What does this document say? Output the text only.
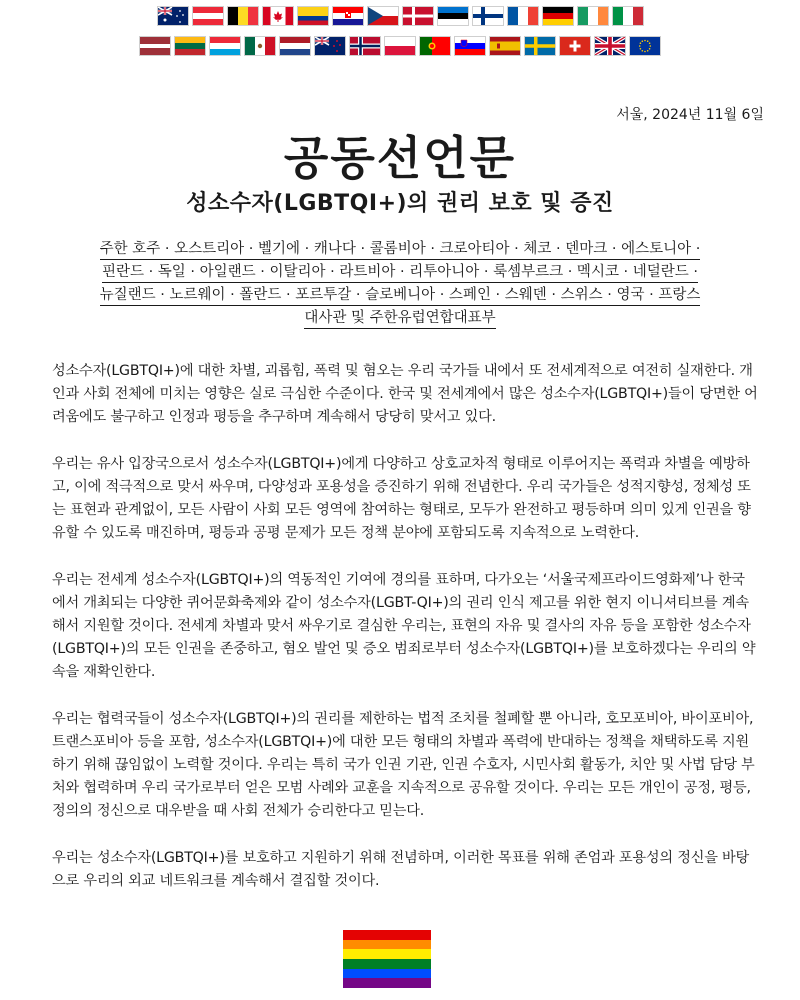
서울, 2024년 11월 6일
공동선언문
성소수자(LGBTQI+)의 권리 보호 및 증진
주한 호주 · 오스트리아 · 벨기에 · 캐나다 · 콜롬비아 · 크로아티아 · 체코 · 덴마크 · 에스토니아 ·
핀란드 · 독일 · 아일랜드 · 이탈리아 · 라트비아 · 리투아니아 · 룩셈부르크 · 멕시코 · 네덜란드 ·
뉴질랜드 · 노르웨이 · 폴란드 · 포르투갈 · 슬로베니아 · 스페인 · 스웨덴 · 스위스 · 영국 · 프랑스
대사관 및 주한유럽연합대표부

성소수자(LGBTQI+)에 대한 차별, 괴롭힘, 폭력 및 혐오는 우리 국가들 내에서 또 전세계적으로 여전히 실재한다. 개인과 사회 전체에 미치는 영향은 실로 극심한 수준이다. 한국 및 전세계에서 많은 성소수자(LGBTQI+)들이 당면한 어려움에도 불구하고 인정과 평등을 추구하며 계속해서 당당히 맞서고 있다.

우리는 유사 입장국으로서 성소수자(LGBTQI+)에게 다양하고 상호교차적 형태로 이루어지는 폭력과 차별을 예방하고, 이에 적극적으로 맞서 싸우며, 다양성과 포용성을 증진하기 위해 전념한다. 우리 국가들은 성적지향성, 정체성 또는 표현과 관계없이, 모든 사람이 사회 모든 영역에 참여하는 형태로, 모두가 완전하고 평등하며 의미 있게 인권을 향유할 수 있도록 매진하며, 평등과 공평 문제가 모든 정책 분야에 포함되도록 지속적으로 노력한다.

우리는 전세계 성소수자(LGBTQI+)의 역동적인 기여에 경의를 표하며, 다가오는 ‘서울국제프라이드영화제’나 한국에서 개최되는 다양한 퀴어문화축제와 같이 성소수자(LGBT-QI+)의 권리 인식 제고를 위한 현지 이니셔티브를 계속해서 지원할 것이다. 전세계 차별과 맞서 싸우기로 결심한 우리는, 표현의 자유 및 결사의 자유 등을 포함한 성소수자(LGBTQI+)의 모든 인권을 존중하고, 혐오 발언 및 증오 범죄로부터 성소수자(LGBTQI+)를 보호하겠다는 우리의 약속을 재확인한다.

우리는 협력국들이 성소수자(LGBTQI+)의 권리를 제한하는 법적 조치를 철폐할 뿐 아니라, 호모포비아, 바이포비아, 트랜스포비아 등을 포함, 성소수자(LGBTQI+)에 대한 모든 형태의 차별과 폭력에 반대하는 정책을 채택하도록 지원하기 위해 끊임없이 노력할 것이다. 우리는 특히 국가 인권 기관, 인권 수호자, 시민사회 활동가, 치안 및 사법 담당 부처와 협력하며 우리 국가로부터 얻은 모범 사례와 교훈을 지속적으로 공유할 것이다. 우리는 모든 개인이 공정, 평등, 정의의 정신으로 대우받을 때 사회 전체가 승리한다고 믿는다.

우리는 성소수자(LGBTQI+)를 보호하고 지원하기 위해 전념하며, 이러한 목표를 위해 존엄과 포용성의 정신을 바탕으로 우리의 외교 네트워크를 계속해서 결집할 것이다.
